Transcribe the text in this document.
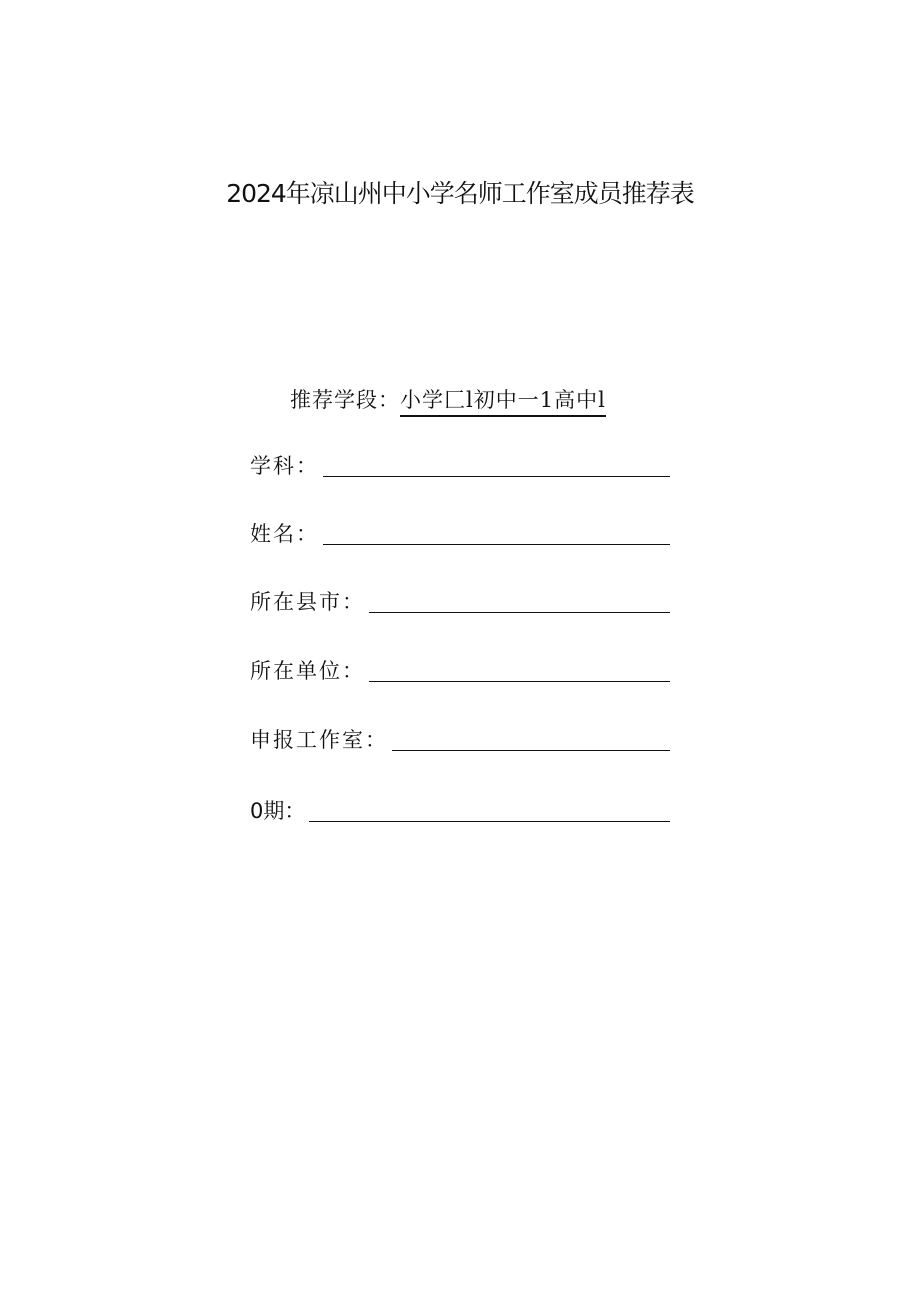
2024年凉山州中小学名师工作室成员推荐表
推荐学段：小学匚l初中一1高中l
学科：
姓名：
所在县市：
所在单位：
申报工作室：
0期：
